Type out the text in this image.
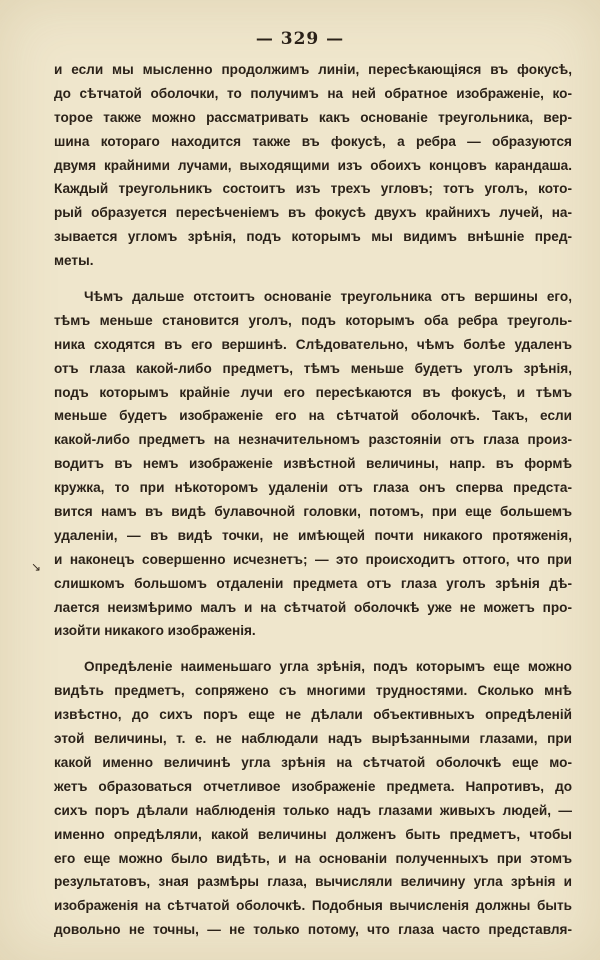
— 329 —
↘
и если мы мысленно продолжимъ линіи, пересѣкающіяся въ фокусѣ,
до сѣтчатой оболочки, то получимъ на ней обратное изображеніе, ко-
торое также можно рассматривать какъ основаніе треугольника, вер-
шина котораго находится также въ фокусѣ, а ребра — образуются
двумя крайними лучами, выходящими изъ обоихъ концовъ карандаша.
Каждый треугольникъ состоитъ изъ трехъ угловъ; тотъ уголъ, кото-
рый образуется пересѣченіемъ въ фокусѣ двухъ крайнихъ лучей, на-
зывается угломъ зрѣнія, подъ которымъ мы видимъ внѣшніе пред-
меты.
Чѣмъ дальше отстоитъ основаніе треугольника отъ вершины его,
тѣмъ меньше становится уголъ, подъ которымъ оба ребра треуголь-
ника сходятся въ его вершинѣ. Слѣдовательно, чѣмъ болѣе удаленъ
отъ глаза какой-либо предметъ, тѣмъ меньше будетъ уголъ зрѣнія,
подъ которымъ крайніе лучи его пересѣкаются въ фокусѣ, и тѣмъ
меньше будетъ изображеніе его на сѣтчатой оболочкѣ. Такъ, если
какой-либо предметъ на незначительномъ разстояніи отъ глаза произ-
водитъ въ немъ изображеніе извѣстной величины, напр. въ формѣ
кружка, то при нѣкоторомъ удаленіи отъ глаза онъ сперва предста-
вится намъ въ видѣ булавочной головки, потомъ, при еще большемъ
удаленіи, — въ видѣ точки, не имѣющей почти никакого протяженія,
и наконецъ совершенно исчезнетъ; — это происходитъ оттого, что при
слишкомъ большомъ отдаленіи предмета отъ глаза уголъ зрѣнія дѣ-
лается неизмѣримо малъ и на сѣтчатой оболочкѣ уже не можетъ про-
изойти никакого изображенія.
Опредѣленіе наименьшаго угла зрѣнія, подъ которымъ еще можно
видѣть предметъ, сопряжено съ многими трудностями. Сколько мнѣ
извѣстно, до сихъ поръ еще не дѣлали объективныхъ опредѣленій
этой величины, т. е. не наблюдали надъ вырѣзанными глазами, при
какой именно величинѣ угла зрѣнія на сѣтчатой оболочкѣ еще мо-
жетъ образоваться отчетливое изображеніе предмета. Напротивъ, до
сихъ поръ дѣлали наблюденія только надъ глазами живыхъ людей, —
именно опредѣляли, какой величины долженъ быть предметъ, чтобы
его еще можно было видѣть, и на основаніи полученныхъ при этомъ
результатовъ, зная размѣры глаза, вычисляли величину угла зрѣнія и
изображенія на сѣтчатой оболочкѣ. Подобныя вычисленія должны быть
довольно не точны, — не только потому, что глаза часто представля-
